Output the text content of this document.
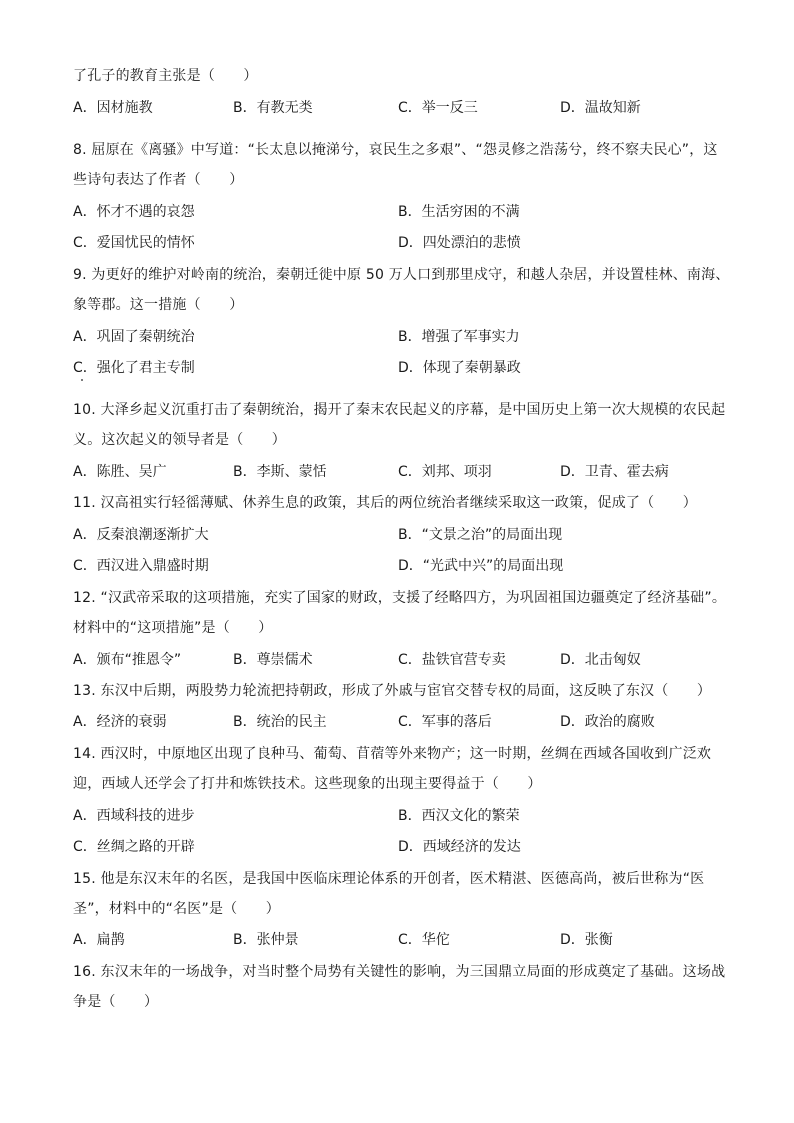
了孔子的教育主张是（　　）
A．因材施教	B．有教无类	C．举一反三	D．温故知新
8. 屈原在《离骚》中写道：“长太息以掩涕兮，哀民生之多艰”、“怨灵修之浩荡兮，终不察夫民心”，这
些诗句表达了作者（　　）
A．怀才不遇的哀怨	B．生活穷困的不满
C．爱国忧民的情怀	D．四处漂泊的悲愤
9. 为更好的维护对岭南的统治，秦朝迁徙中原 50 万人口到那里戍守，和越人杂居，并设置桂林、南海、
象等郡。这一措施（　　）
A．巩固了秦朝统治	B．增强了军事实力
C．强化了君主专制	D．体现了秦朝暴政
10. 大泽乡起义沉重打击了秦朝统治，揭开了秦末农民起义的序幕，是中国历史上第一次大规模的农民起
义。这次起义的领导者是（　　）
A．陈胜、吴广	B．李斯、蒙恬	C．刘邦、项羽	D．卫青、霍去病
11. 汉高祖实行轻徭薄赋、休养生息的政策，其后的两位统治者继续采取这一政策，促成了（　　）
A．反秦浪潮逐渐扩大	B．“文景之治”的局面出现
C．西汉进入鼎盛时期	D．“光武中兴”的局面出现
12. “汉武帝采取的这项措施，充实了国家的财政，支援了经略四方，为巩固祖国边疆奠定了经济基础”。
材料中的“这项措施”是（　　）
A．颁布“推恩令”	B．尊崇儒术	C．盐铁官营专卖	D．北击匈奴
13. 东汉中后期，两股势力轮流把持朝政，形成了外戚与宦官交替专权的局面，这反映了东汉（　　）
A．经济的衰弱	B．统治的民主	C．军事的落后	D．政治的腐败
14. 西汉时，中原地区出现了良种马、葡萄、苜蓿等外来物产；这一时期，丝绸在西域各国收到广泛欢
迎，西域人还学会了打井和炼铁技术。这些现象的出现主要得益于（　　）
A．西域科技的进步	B．西汉文化的繁荣
C．丝绸之路的开辟	D．西域经济的发达
15. 他是东汉末年的名医，是我国中医临床理论体系的开创者，医术精湛、医德高尚，被后世称为“医
圣”，材料中的“名医”是（　　）
A．扁鹊	B．张仲景	C．华佗	D．张衡
16. 东汉末年的一场战争，对当时整个局势有关键性的影响，为三国鼎立局面的形成奠定了基础。这场战
争是（　　）
